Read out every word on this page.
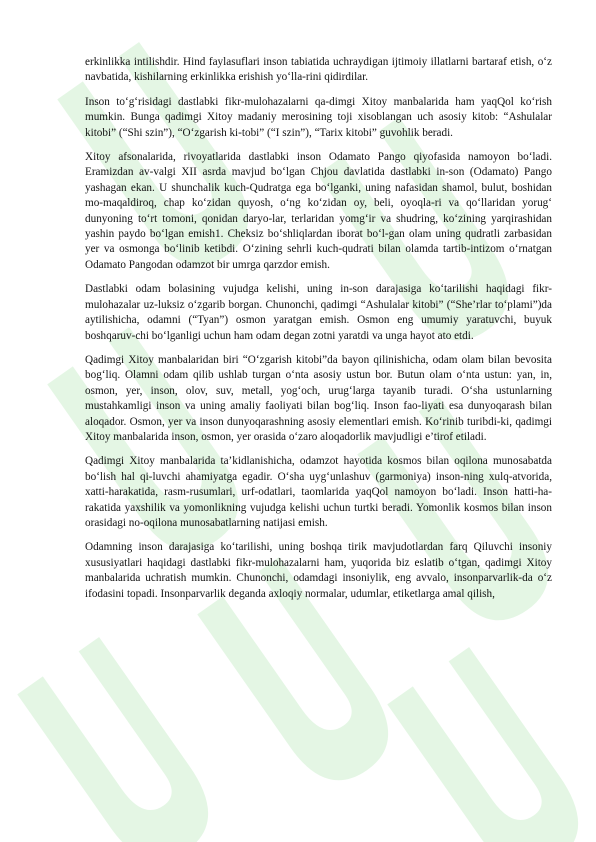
erkinlikka intilishdir. Hind faylasuflari inson tabiatida uchraydigan ijtimoiy illatlarni bartaraf etish, o‘z navbatida, kishilarning erkinlikka erishish yo‘lla-rini qidirdilar.

Inson to‘g‘risidagi dastlabki fikr-mulohazalarni qa-dimgi Xitoy manbalarida ham yaqQol ko‘rish mumkin. Bunga qadimgi Xitoy madaniy merosining toji xisoblangan uch asosiy kitob: “Ashulalar kitobi” (“Shi szin”), “O‘zgarish ki-tobi” (“I szin”), “Tarix kitobi” guvohlik beradi.

Xitoy afsonalarida, rivoyatlarida dastlabki inson Odamato Pango qiyofasida namoyon bo‘ladi. Eramizdan av-valgi XII asrda mavjud bo‘lgan Chjou davlatida dastlabki in-son (Odamato) Pango yashagan ekan. U shunchalik kuch-Qudratga ega bo‘lganki, uning nafasidan shamol, bulut, boshidan mo-maqaldiroq, chap ko‘zidan quyosh, o‘ng ko‘zidan oy, beli, oyoqla-ri va qo‘llaridan yorug‘ dunyoning to‘rt tomoni, qonidan daryo-lar, terlaridan yomg‘ir va shudring, ko‘zining yarqirashidan yashin paydo bo‘lgan emish1. Cheksiz bo‘shliqlardan iborat bo‘l-gan olam uning qudratli zarbasidan yer va osmonga bo‘linib ketibdi. O‘zining sehrli kuch-qudrati bilan olamda tartib-intizom o‘rnatgan Odamato Pangodan odamzot bir umrga qarzdor emish.

Dastlabki odam bolasining vujudga kelishi, uning in-son darajasiga ko‘tarilishi haqidagi fikr-mulohazalar uz-luksiz o‘zgarib borgan. Chunonchi, qadimgi “Ashulalar kitobi” (“She’rlar to‘plami”)da aytilishicha, odamni (“Tyan”) osmon yaratgan emish. Osmon eng umumiy yaratuvchi, buyuk boshqaruv-chi bo‘lganligi uchun ham odam degan zotni yaratdi va unga hayot ato etdi.

Qadimgi Xitoy manbalaridan biri “O‘zgarish kitobi”da bayon qilinishicha, odam olam bilan bevosita bog‘liq. Olamni odam qilib ushlab turgan o‘nta asosiy ustun bor. Butun olam o‘nta ustun: yan, in, osmon, yer, inson, olov, suv, metall, yog‘och, urug‘larga tayanib turadi. O‘sha ustunlarning mustahkamligi inson va uning amaliy faoliyati bilan bog‘liq. Inson fao-liyati esa dunyoqarash bilan aloqador. Osmon, yer va inson dunyoqarashning asosiy elementlari emish. Ko‘rinib turibdi-ki, qadimgi Xitoy manbalarida inson, osmon, yer orasida o‘zaro aloqadorlik mavjudligi e’tirof etiladi.

Qadimgi Xitoy manbalarida ta’kidlanishicha, odamzot hayotida kosmos bilan oqilona munosabatda bo‘lish hal qi-luvchi ahamiyatga egadir. O‘sha uyg‘unlashuv (garmoniya) inson-ning xulq-atvorida, xatti-harakatida, rasm-rusumlari, urf-odatlari, taomlarida yaqQol namoyon bo‘ladi. Inson hatti-ha-rakatida yaxshilik va yomonlikning vujudga kelishi uchun turtki beradi. Yomonlik kosmos bilan inson orasidagi no-oqilona munosabatlarning natijasi emish.

Odamning inson darajasiga ko‘tarilishi, uning boshqa tirik mavjudotlardan farq Qiluvchi insoniy xususiyatlari haqidagi dastlabki fikr-mulohazalarni ham, yuqorida biz eslatib o‘tgan, qadimgi Xitoy manbalarida uchratish mumkin. Chunonchi, odamdagi insoniylik, eng avvalo, insonparvarlik-da o‘z ifodasini topadi. Insonparvarlik deganda axloqiy normalar, udumlar, etiketlarga amal qilish,
